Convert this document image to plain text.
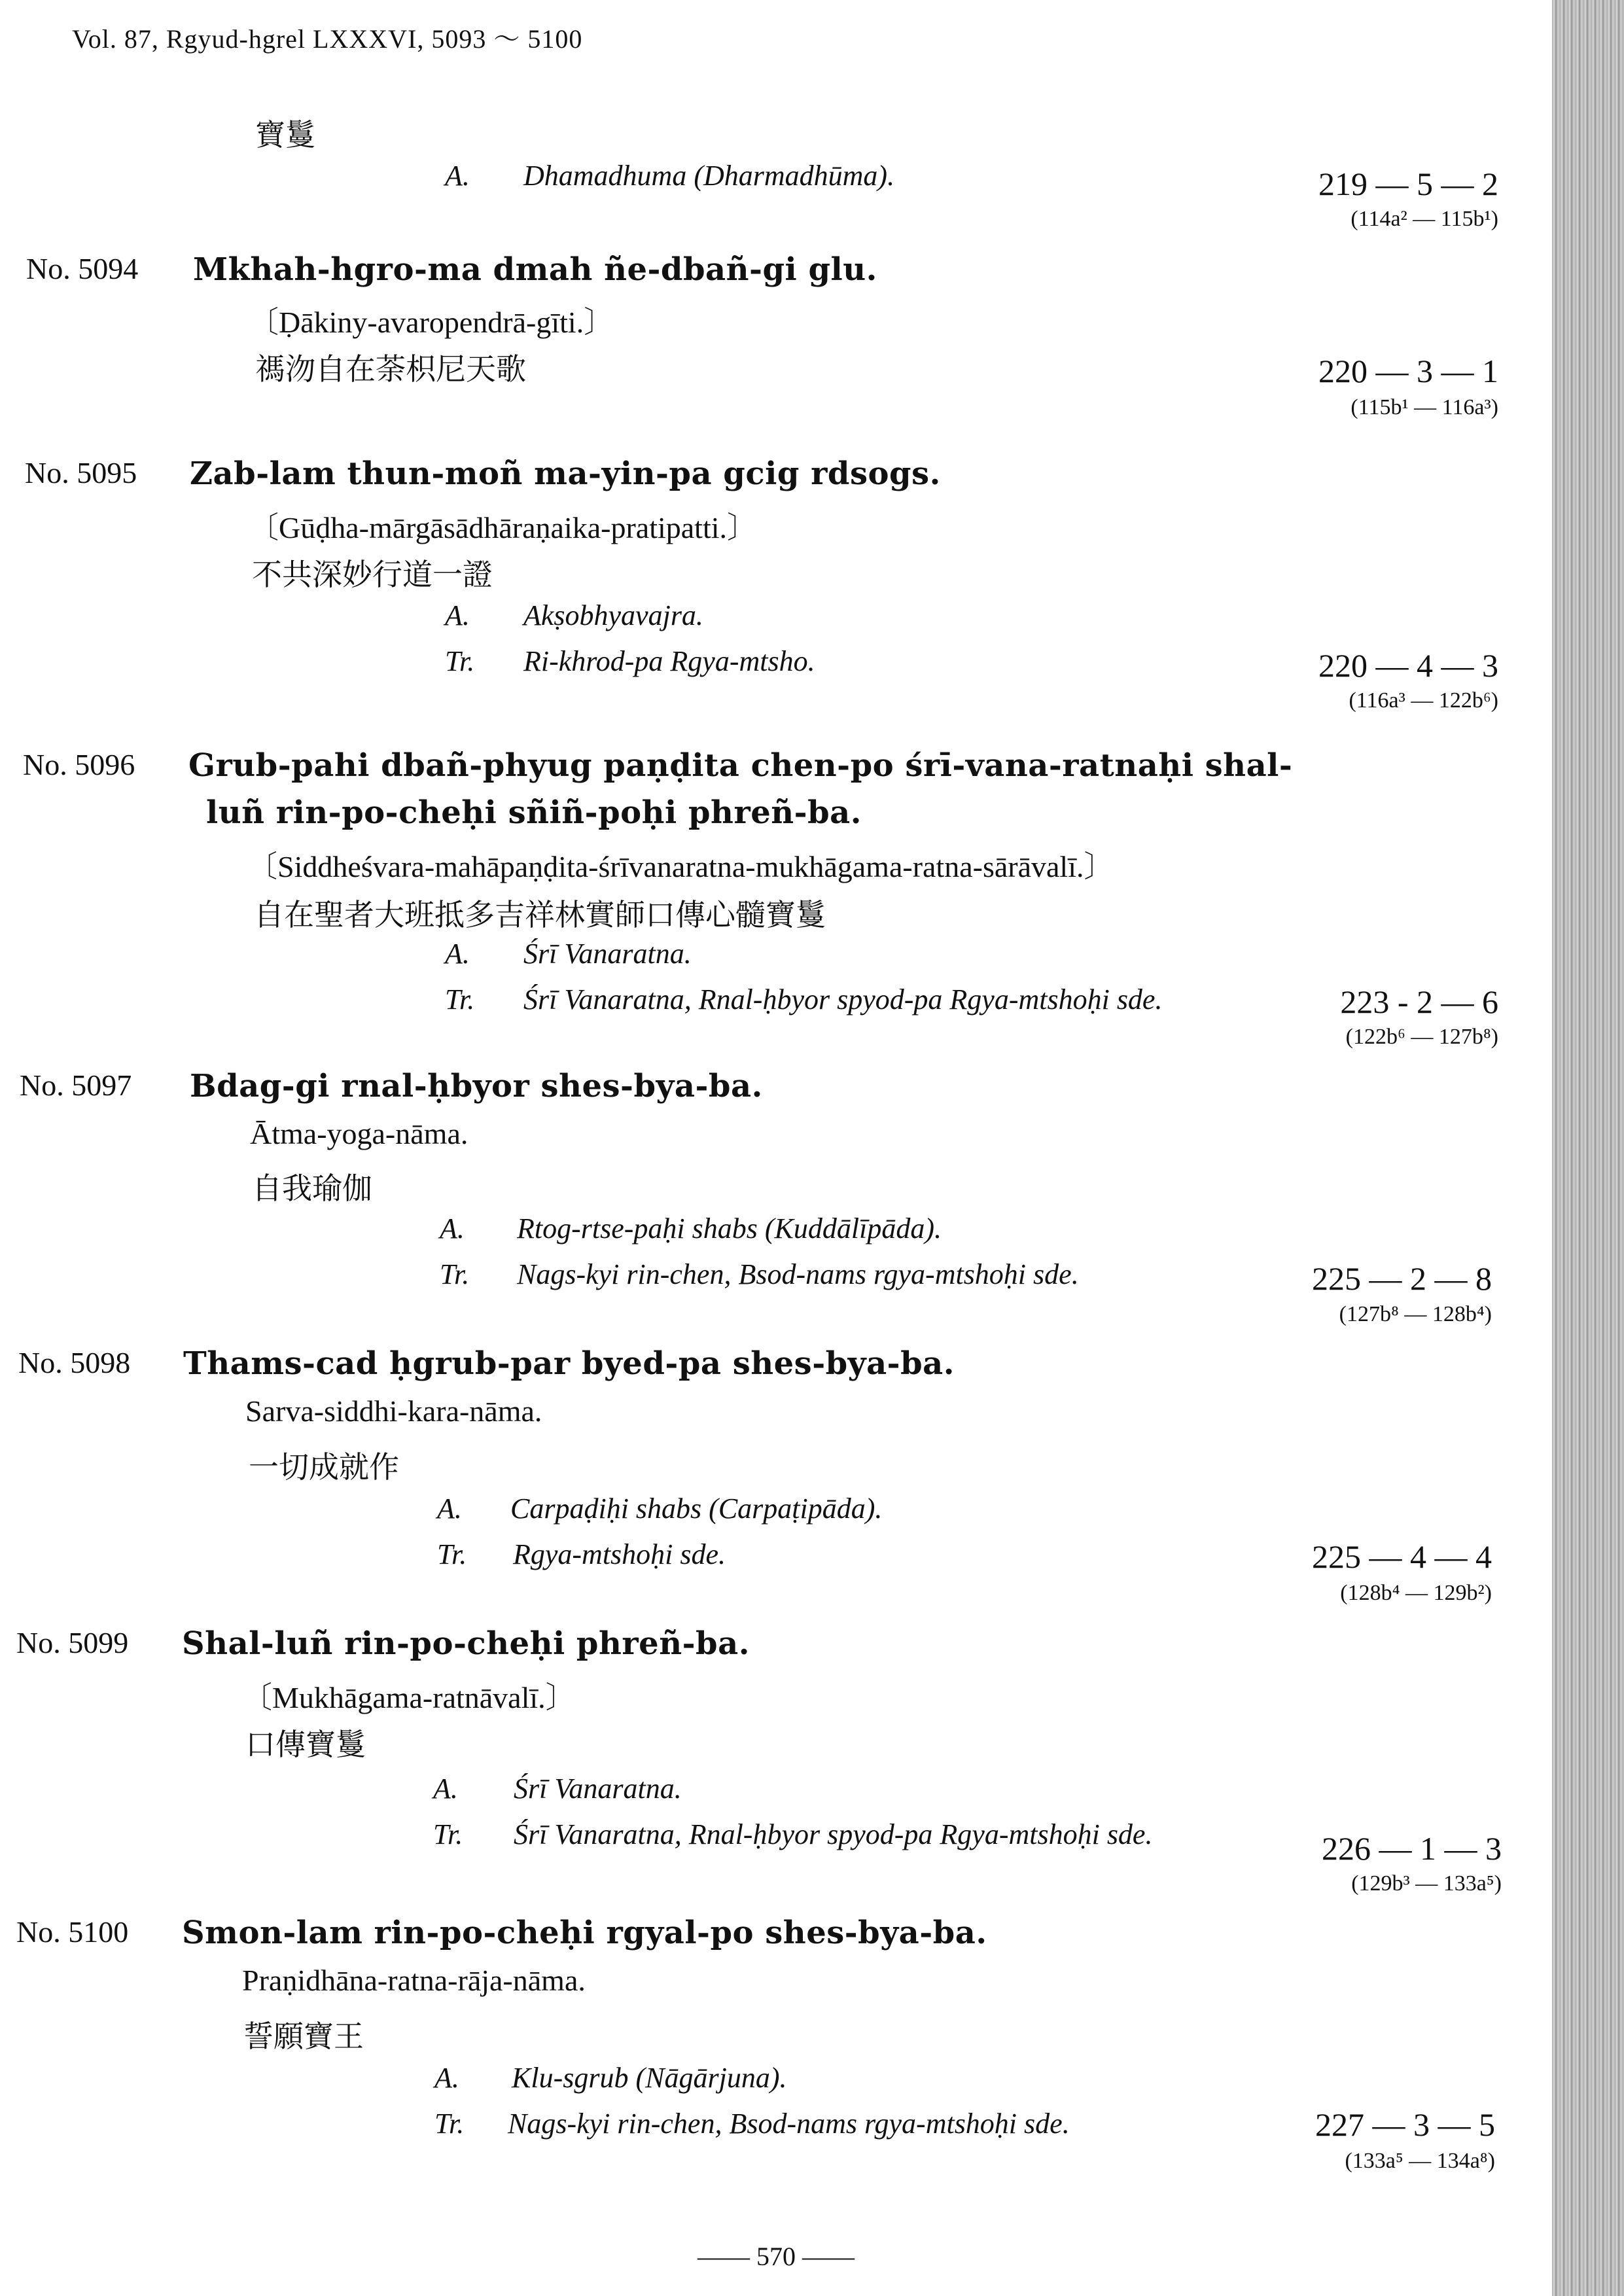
Vol. 87, Rgyud-hgrel LXXXVI, 5093 ～ 5100
寶鬘
A. Dhamadhuma (Dharmadhūma).	219 — 5 — 2
(114a² — 115b¹)
No. 5094 Mkhah-hgro-ma dmah ñe-dbañ-gi glu.
〔Ḍākiny-avaropendrā-gīti.〕
禡沕自在荼枳尼天歌	220 — 3 — 1
(115b¹ — 116a³)
No. 5095 Zab-lam thun-moñ ma-yin-pa gcig rdsogs.
〔Gūḍha-mārgāsādhāraṇaika-pratipatti.〕
不共深妙行道一證
A. Akṣobhyavajra.
Tr. Ri-khrod-pa Rgya-mtsho.	220 — 4 — 3
(116a³ — 122b⁶)
No. 5096 Grub-pahi dbañ-phyug paṇḍita chen-po śrī-vana-ratnaḥi shal-
luñ rin-po-cheḥi sñiñ-poḥi phreñ-ba.
〔Siddheśvara-mahāpaṇḍita-śrīvanaratna-mukhāgama-ratna-sārāvalī.〕
自在聖者大班抵多吉祥林實師口傳心髓寶鬘
A. Śrī Vanaratna.
Tr. Śrī Vanaratna, Rnal-ḥbyor spyod-pa Rgya-mtshoḥi sde.	223 - 2 — 6
(122b⁶ — 127b⁸)
No. 5097 Bdag-gi rnal-ḥbyor shes-bya-ba.
Ātma-yoga-nāma.
自我瑜伽
A. Rtog-rtse-paḥi shabs (Kuddālīpāda).
Tr. Nags-kyi rin-chen, Bsod-nams rgya-mtshoḥi sde.	225 — 2 — 8
(127b⁸ — 128b⁴)
No. 5098 Thams-cad ḥgrub-par byed-pa shes-bya-ba.
Sarva-siddhi-kara-nāma.
一切成就作
A. Carpaḍiḥi shabs (Carpaṭipāda).
Tr. Rgya-mtshoḥi sde.	225 — 4 — 4
(128b⁴ — 129b²)
No. 5099 Shal-luñ rin-po-cheḥi phreñ-ba.
〔Mukhāgama-ratnāvalī.〕
口傳寶鬘
A. Śrī Vanaratna.
Tr. Śrī Vanaratna, Rnal-ḥbyor spyod-pa Rgya-mtshoḥi sde.	226 — 1 — 3
(129b³ — 133a⁵)
No. 5100 Smon-lam rin-po-cheḥi rgyal-po shes-bya-ba.
Praṇidhāna-ratna-rāja-nāma.
誓願寶王
A. Klu-sgrub (Nāgārjuna).
Tr. Nags-kyi rin-chen, Bsod-nams rgya-mtshoḥi sde.	227 — 3 — 5
(133a⁵ — 134a⁸)
—— 570 ——
